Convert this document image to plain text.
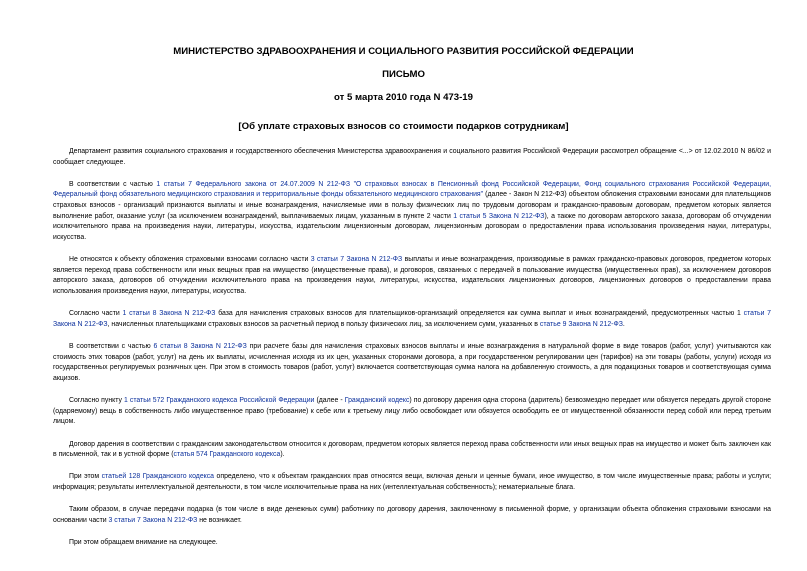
МИНИСТЕРСТВО ЗДРАВООХРАНЕНИЯ И СОЦИАЛЬНОГО РАЗВИТИЯ РОССИЙСКОЙ ФЕДЕРАЦИИ
ПИСЬМО
от 5 марта 2010 года N 473-19
[Об уплате страховых взносов со стоимости подарков сотрудникам]

Департамент развития социального страхования и государственного обеспечения Министерства здравоохранения и социального развития Российской Федерации рассмотрел обращение <...> от 12.02.2010 N 86/02 и сообщает следующее.

В соответствии с частью 1 статьи 7 Федерального закона от 24.07.2009 N 212-ФЗ "О страховых взносах в Пенсионный фонд Российской Федерации, Фонд социального страхования Российской Федерации, Федеральный фонд обязательного медицинского страхования и территориальные фонды обязательного медицинского страхования" (далее - Закон N 212-ФЗ) объектом обложения страховыми взносами для плательщиков страховых взносов - организаций признаются выплаты и иные вознаграждения, начисляемые ими в пользу физических лиц по трудовым договорам и гражданско-правовым договорам, предметом которых является выполнение работ, оказание услуг (за исключением вознаграждений, выплачиваемых лицам, указанным в пункте 2 части 1 статьи 5 Закона N 212-ФЗ), а также по договорам авторского заказа, договорам об отчуждении исключительного права на произведения науки, литературы, искусства, издательским лицензионным договорам, лицензионным договорам о предоставлении права использования произведения науки, литературы, искусства.

Не относятся к объекту обложения страховыми взносами согласно части 3 статьи 7 Закона N 212-ФЗ выплаты и иные вознаграждения, производимые в рамках гражданско-правовых договоров, предметом которых является переход права собственности или иных вещных прав на имущество (имущественные права), и договоров, связанных с передачей в пользование имущества (имущественных прав), за исключением договоров авторского заказа, договоров об отчуждении исключительного права на произведения науки, литературы, искусства, издательских лицензионных договоров, лицензионных договоров о предоставлении права использования произведения науки, литературы, искусства.

Согласно части 1 статьи 8 Закона N 212-ФЗ база для начисления страховых взносов для плательщиков-организаций определяется как сумма выплат и иных вознаграждений, предусмотренных частью 1 статьи 7 Закона N 212-ФЗ, начисленных плательщиками страховых взносов за расчетный период в пользу физических лиц, за исключением сумм, указанных в статье 9 Закона N 212-ФЗ.

В соответствии с частью 6 статьи 8 Закона N 212-ФЗ при расчете базы для начисления страховых взносов выплаты и иные вознаграждения в натуральной форме в виде товаров (работ, услуг) учитываются как стоимость этих товаров (работ, услуг) на день их выплаты, исчисленная исходя из их цен, указанных сторонами договора, а при государственном регулировании цен (тарифов) на эти товары (работы, услуги) исходя из государственных регулируемых розничных цен. При этом в стоимость товаров (работ, услуг) включается соответствующая сумма налога на добавленную стоимость, а для подакцизных товаров и соответствующая сумма акцизов.

Согласно пункту 1 статьи 572 Гражданского кодекса Российской Федерации (далее - Гражданский кодекс) по договору дарения одна сторона (даритель) безвозмездно передает или обязуется передать другой стороне (одаряемому) вещь в собственность либо имущественное право (требование) к себе или к третьему лицу либо освобождает или обязуется освободить ее от имущественной обязанности перед собой или перед третьим лицом.

Договор дарения в соответствии с гражданским законодательством относится к договорам, предметом которых является переход права собственности или иных вещных прав на имущество и может быть заключен как в письменной, так и в устной форме (статья 574 Гражданского кодекса).

При этом статьей 128 Гражданского кодекса определено, что к объектам гражданских прав относятся вещи, включая деньги и ценные бумаги, иное имущество, в том числе имущественные права; работы и услуги; информация; результаты интеллектуальной деятельности, в том числе исключительные права на них (интеллектуальная собственность); нематериальные блага.

Таким образом, в случае передачи подарка (в том числе в виде денежных сумм) работнику по договору дарения, заключенному в письменной форме, у организации объекта обложения страховыми взносами на основании части 3 статьи 7 Закона N 212-ФЗ не возникает.

При этом обращаем внимание на следующее.
